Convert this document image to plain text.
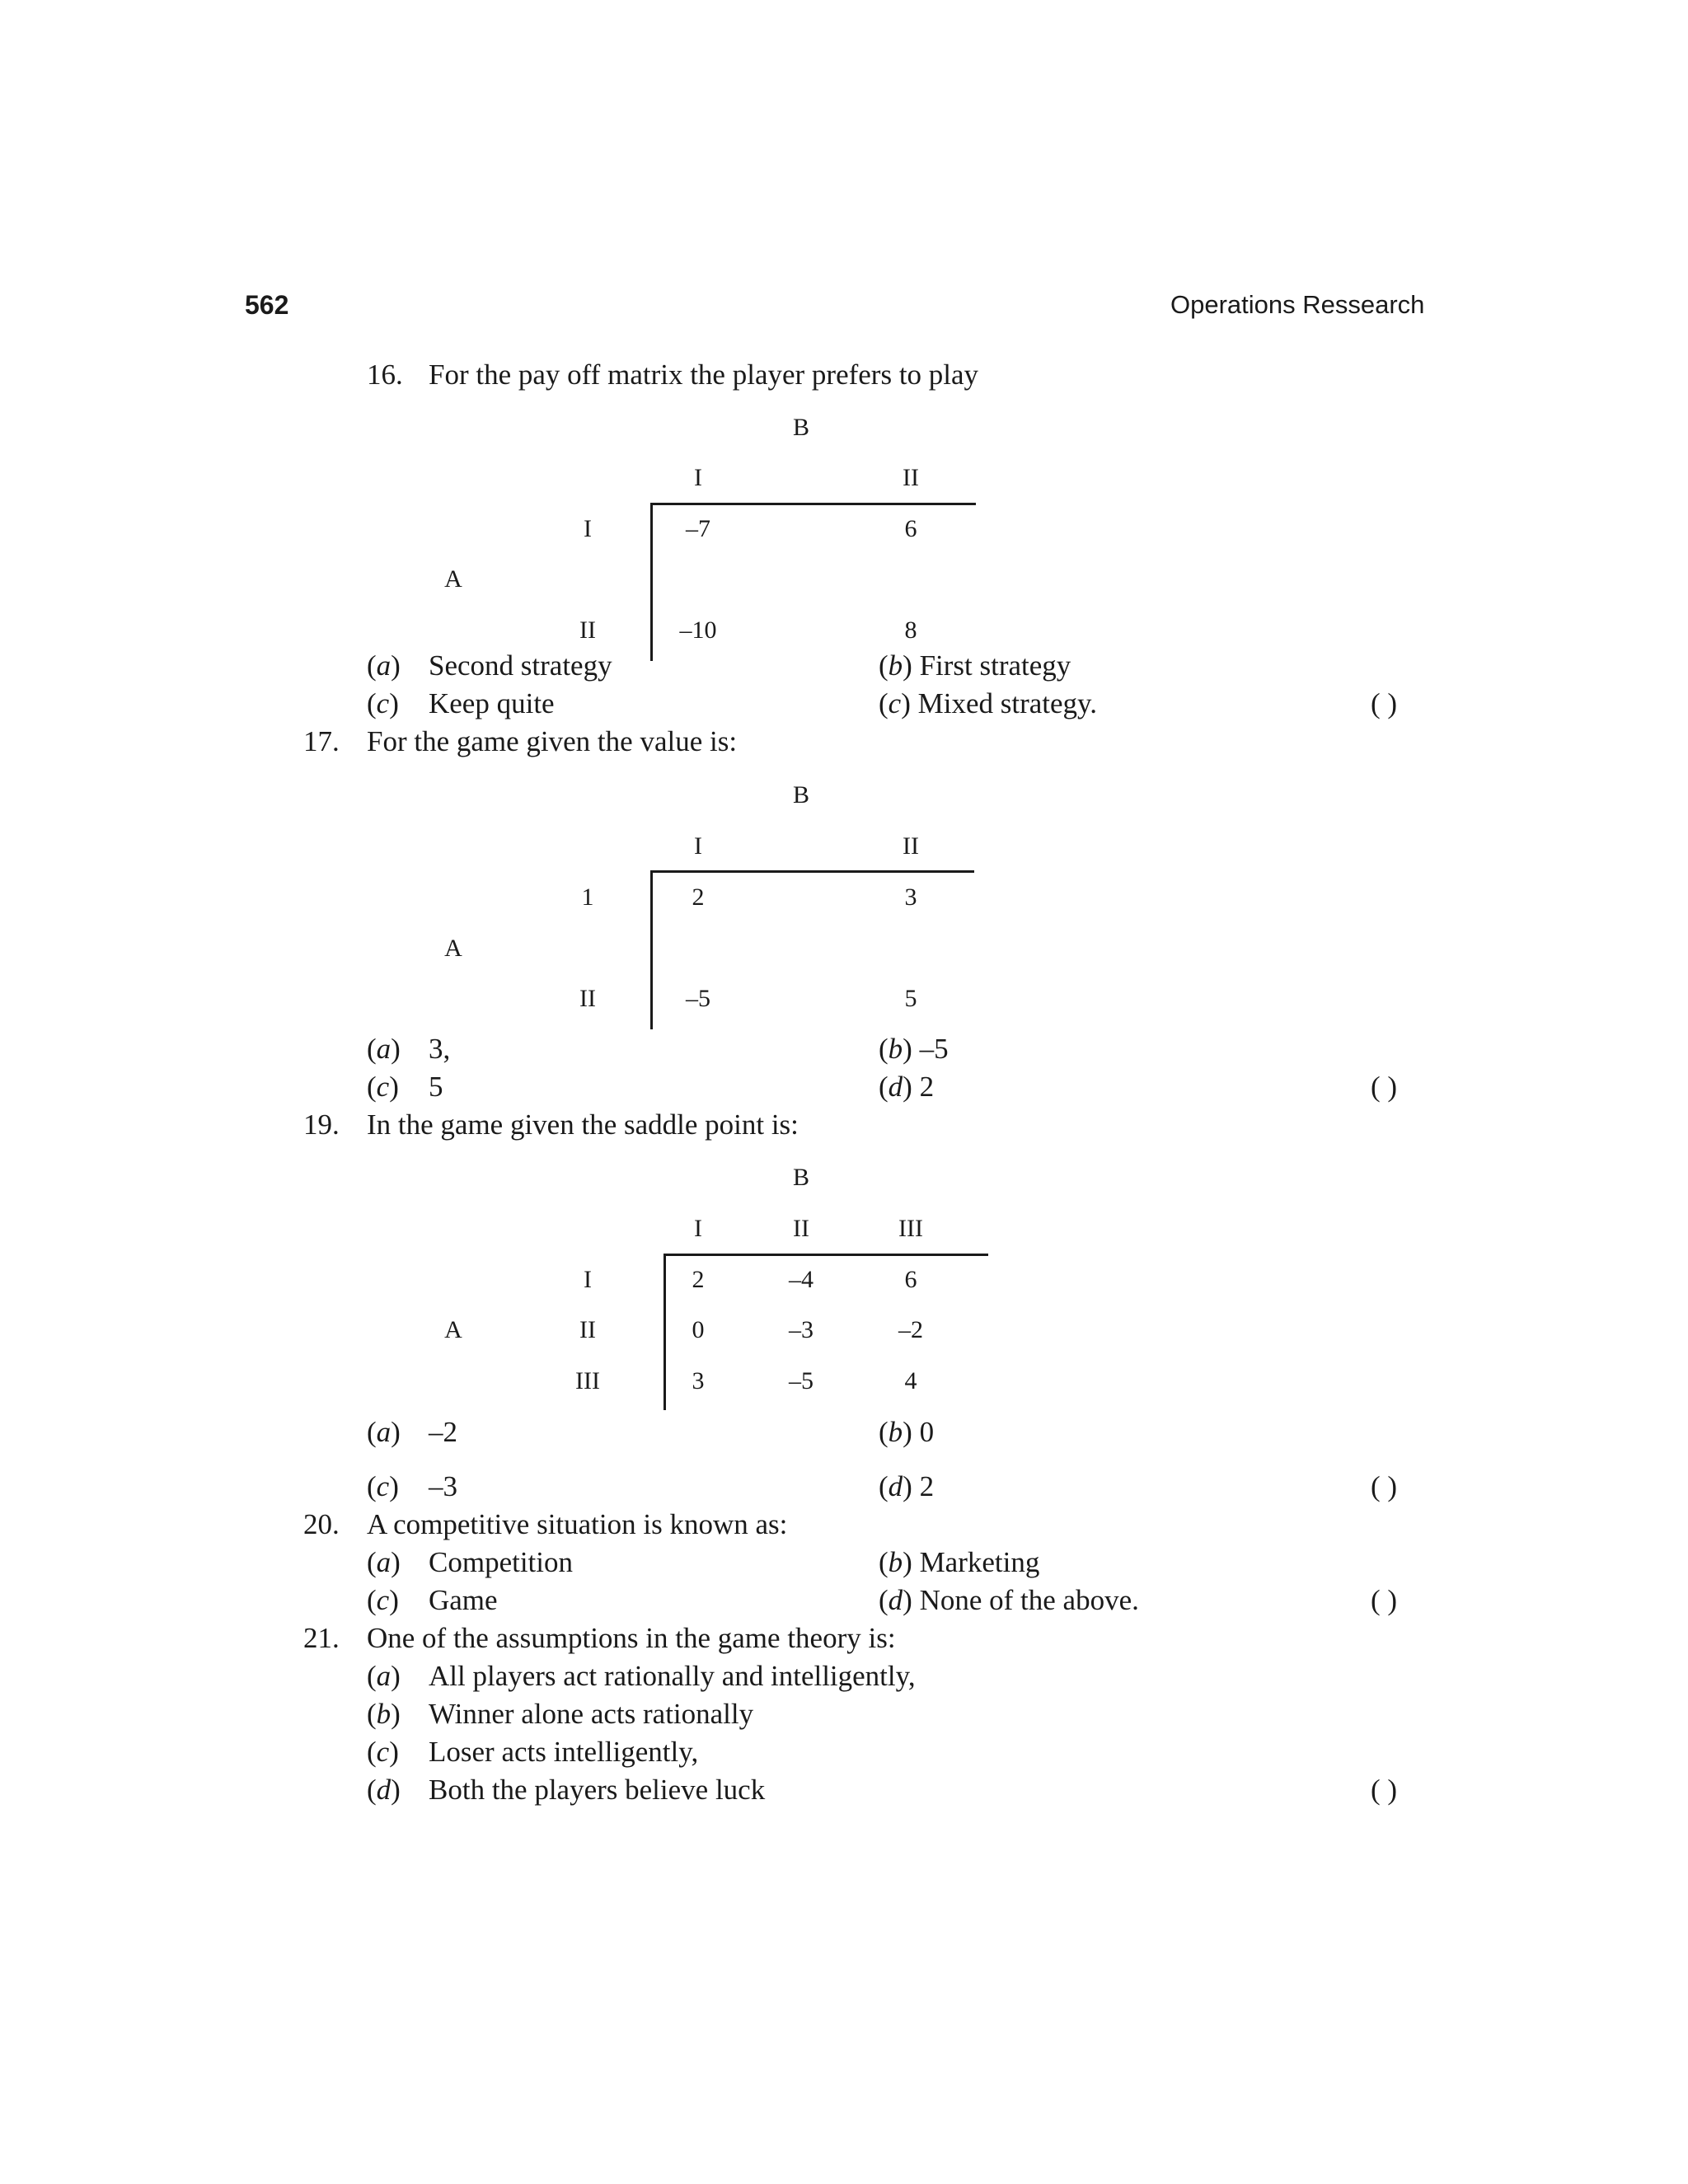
562	Operations Ressearch
16. For the pay off matrix the player prefers to play
B
I	II
I	–7	6
A
II	–10	8
(a) Second strategy	(b) First strategy
(c) Keep quite	(c) Mixed strategy.	( )
17. For the game given the value is:
B
I	II
1	2	3
A
II	–5	5
(a) 3,	(b) –5
(c) 5	(d) 2	( )
19. In the game given the saddle point is:
B
I	II	III
I	2	–4	6
A	II	0	–3	–2
III	3	–5	4
(a) –2	(b) 0
(c) –3	(d) 2	( )
20. A competitive situation is known as:
(a) Competition	(b) Marketing
(c) Game	(d) None of the above.	( )
21. One of the assumptions in the game theory is:
(a) All players act rationally and intelligently,
(b) Winner alone acts rationally
(c) Loser acts intelligently,
(d) Both the players believe luck	( )
